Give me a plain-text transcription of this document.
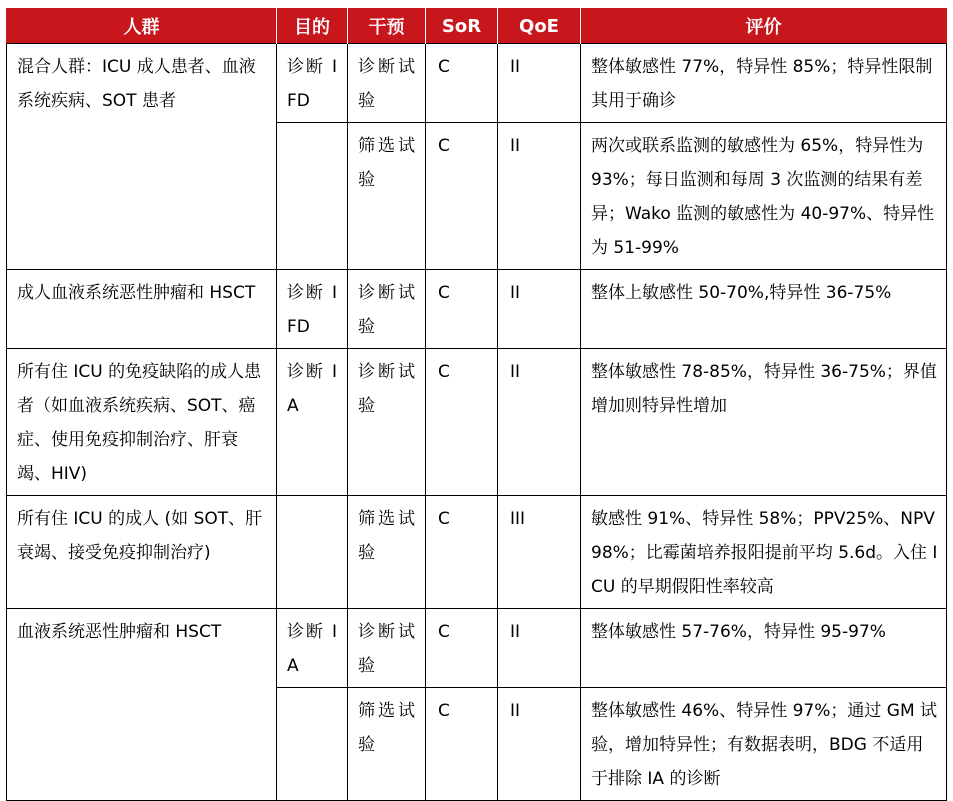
人群	目的	干预	SoR	QoE	评价
混合人群：ICU 成人患者、血液系统疾病、SOT 患者	诊断 IFD	诊断试验	C	II	整体敏感性 77%，特异性 85%；特异性限制其用于确诊
		筛选试验	C	II	两次或联系监测的敏感性为 65%，特异性为 93%；每日监测和每周 3 次监测的结果有差异；Wako 监测的敏感性为 40-97%、特异性为 51-99%
成人血液系统恶性肿瘤和 HSCT	诊断 IFD	诊断试验	C	II	整体上敏感性 50-70%,特异性 36-75%
所有住 ICU 的免疫缺陷的成人患者（如血液系统疾病、SOT、癌症、使用免疫抑制治疗、肝衰竭、HIV)	诊断 IA	诊断试验	C	II	整体敏感性 78-85%，特异性 36-75%；界值增加则特异性增加
所有住 ICU 的成人 (如 SOT、肝衰竭、接受免疫抑制治疗)		筛选试验	C	III	敏感性 91%、特异性 58%；PPV25%、NPV98%；比霉菌培养报阳提前平均 5.6d。入住 ICU 的早期假阳性率较高
血液系统恶性肿瘤和 HSCT	诊断 IA	诊断试验	C	II	整体敏感性 57-76%，特异性 95-97%
		筛选试验	C	II	整体敏感性 46%、特异性 97%；通过 GM 试验，增加特异性；有数据表明，BDG 不适用于排除 IA 的诊断
